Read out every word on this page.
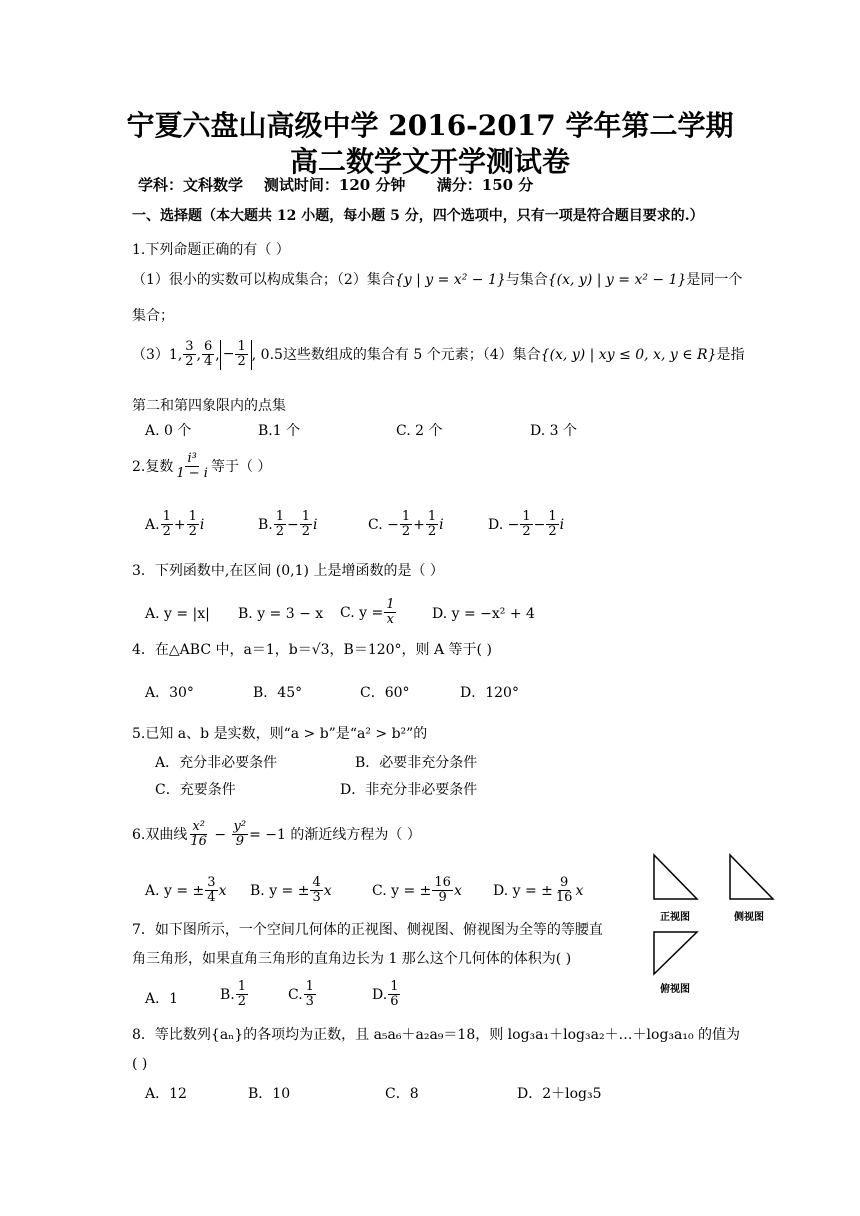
宁夏六盘山高级中学 2016-2017 学年第二学期
高二数学文开学测试卷
学科：文科数学    测试时间：120 分钟      满分：150 分
一、选择题（本大题共 12 小题，每小题 5 分，四个选项中，只有一项是符合题目要求的.）
1.下列命题正确的有（ ）
（1）很小的实数可以构成集合；（2）集合{y | y = x² − 1}与集合{(x, y) | y = x² − 1}是同一个
集合；
（3）1, $\frac{3}{2}$ , $\frac{6}{4}$ , − $\frac{1}{2}$ , 0.5这些数组成的集合有 5 个元素；（4）集合{(x, y) | xy ≤ 0, x, y ∈ R}是指
第二和第四象限内的点集
A. 0 个	B.1 个	C. 2 个	D. 3 个
2.复数 $\frac{\text{i³}}{1 - i}$ 等于（ ）
A. $\frac{1}{2} + \frac{1}{2}$ i	B. $\frac{1}{2} - \frac{1}{2}$ i	C. − $\frac{1}{2} + \frac{1}{2}$ i	D. − $\frac{1}{2} - \frac{1}{2}$ i
3．下列函数中,在区间 (0,1) 上是增函数的是（ ）
A. y = |x| B. y = 3 − x C. $y = \frac{1}{x}$	D. y = −x² + 4
4．在△ABC 中，a＝1，b＝√3，B＝120°，则 A 等于( )
A．30°	B．45°	C．60°	D．120°
5.已知 a、b 是实数，则“a > b”是“a² > b²”的
A．充分非必要条件	B．必要非充分条件
C．充要条件	D．非充分非必要条件
6.双曲线 $\frac{\text{x²}}{16} - \frac{\text{y²}}{9} = -1$ 的渐近线方程为（ ）
A. y = ± $\frac{3}{4}$ x B. y = ± $\frac{4}{3}$ x	C. y = ± $\frac{16}{9}$ x D. y = ± $\frac{9}{16}$ x
正视图	侧视图
俯视图
7．如下图所示，一个空间几何体的正视图、侧视图、俯视图为全等的等腰直
角三角形，如果直角三角形的直角边长为 1 那么这个几何体的体积为( )
A．1	B. $\frac{1}{2}$	C. $\frac{1}{3}$	D. $\frac{1}{6}$
8．等比数列{aₙ}的各项均为正数，且 a₅a₆＋a₂a₉＝18，则 log₃a₁＋log₃a₂＋…＋log₃a₁₀ 的值为
( )
A．12	B．10	C．8	D．2＋log₃5
